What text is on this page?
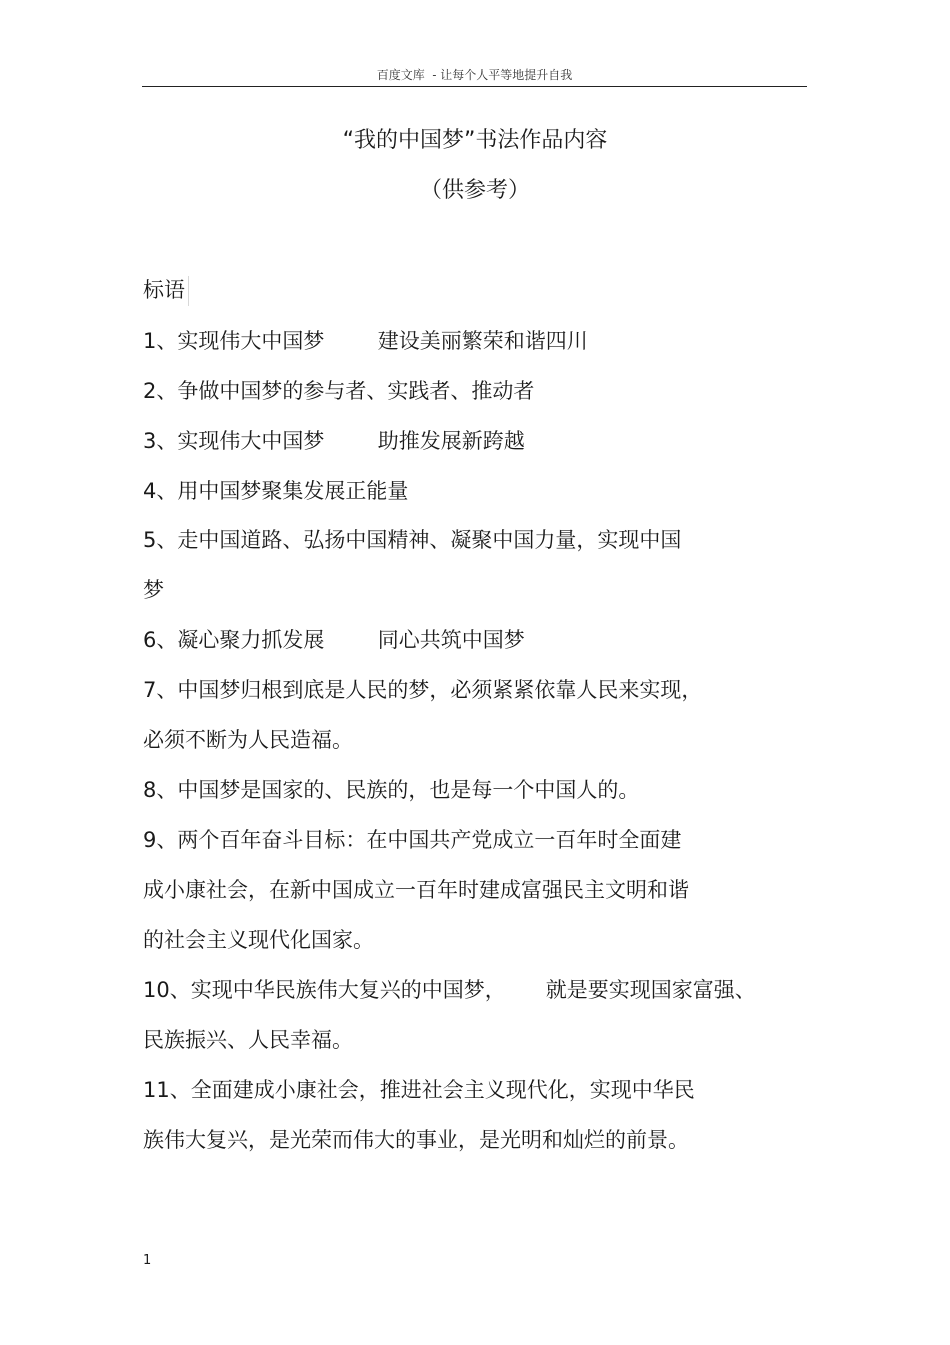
百度文库  - 让每个人平等地提升自我
“我的中国梦”书法作品内容
（供参考）
标语
1、实现伟大中国梦        建设美丽繁荣和谐四川
2、争做中国梦的参与者、实践者、推动者
3、实现伟大中国梦        助推发展新跨越
4、用中国梦聚集发展正能量
5、走中国道路、弘扬中国精神、凝聚中国力量，实现中国
梦
6、凝心聚力抓发展        同心共筑中国梦
7、中国梦归根到底是人民的梦，必须紧紧依靠人民来实现，
必须不断为人民造福。
8、中国梦是国家的、民族的，也是每一个中国人的。
9、两个百年奋斗目标：在中国共产党成立一百年时全面建
成小康社会，在新中国成立一百年时建成富强民主文明和谐
的社会主义现代化国家。
10、实现中华民族伟大复兴的中国梦，      就是要实现国家富强、
民族振兴、人民幸福。
11、全面建成小康社会，推进社会主义现代化，实现中华民
族伟大复兴，是光荣而伟大的事业，是光明和灿烂的前景。
1
